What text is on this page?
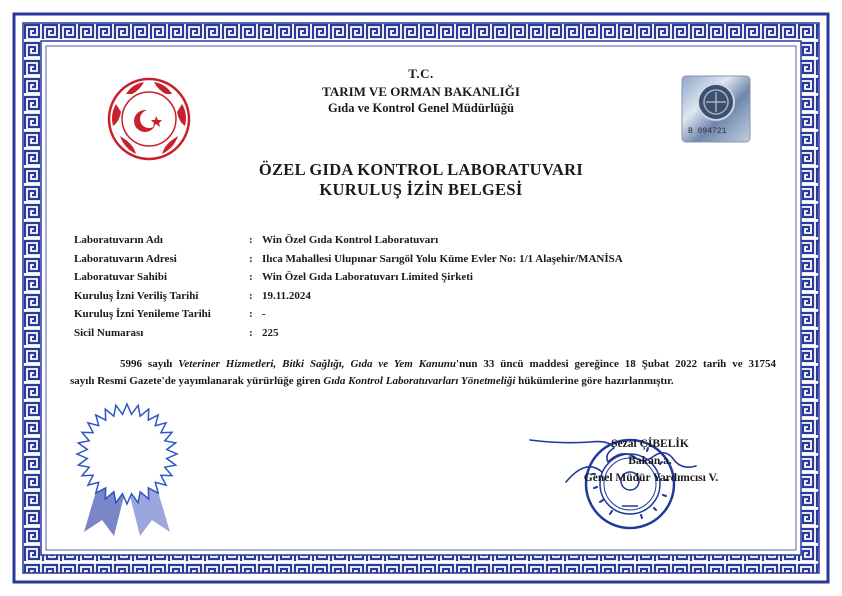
T.C.
TARIM VE ORMAN BAKANLIĞI
Gıda ve Kontrol Genel Müdürlüğü
B 094721
ÖZEL GIDA KONTROL LABORATUVARI
KURULUŞ İZİN BELGESİ
Laboratuvarın Adı	: Win Özel Gıda Kontrol Laboratuvarı
Laboratuvarın Adresi	: Ilıca Mahallesi Ulupınar Sarıgöl Yolu Küme Evler No: 1/1 Alaşehir/MANİSA
Laboratuvar Sahibi	: Win Özel Gıda Laboratuvarı Limited Şirketi
Kuruluş İzni Veriliş Tarihi	: 19.11.2024
Kuruluş İzni Yenileme Tarihi	: -
Sicil Numarası	: 225
5996 sayılı Veteriner Hizmetleri, Bitki Sağlığı, Gıda ve Yem Kanunu'nun 33 üncü maddesi gereğince 18 Şubat 2022 tarih ve 31754
sayılı Resmi Gazete'de yayımlanarak yürürlüğe giren Gıda Kontrol Laboratuvarları Yönetmeliği hükümlerine göre hazırlanmıştır.
Sezai ÇİBELİK
Bakan a.
Genel Müdür Yardımcısı V.
